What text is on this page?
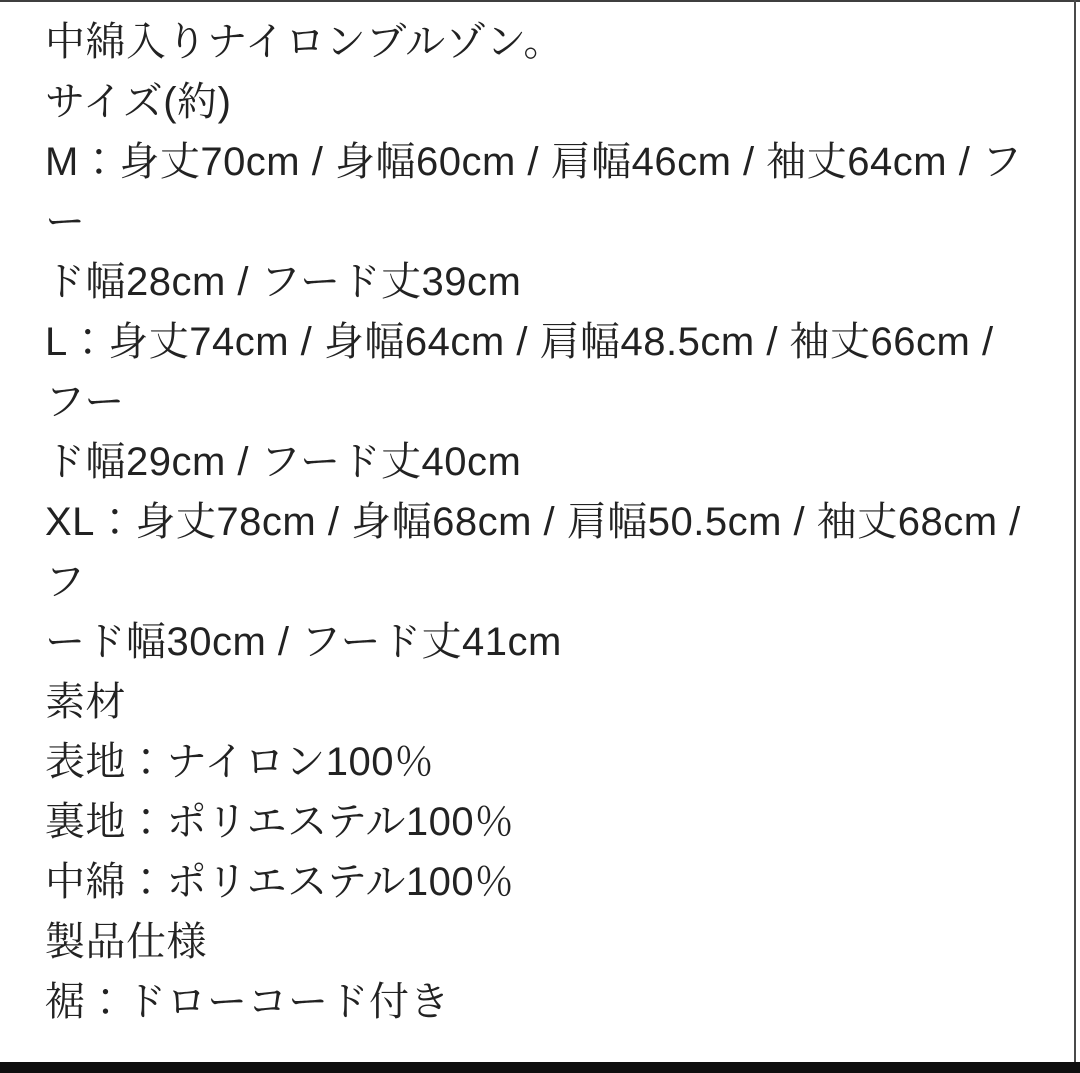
中綿入りナイロンブルゾン。

サイズ(約)

M：身丈70cm / 身幅60cm / 肩幅46cm / 袖丈64cm / フー
ド幅28cm / フード丈39cm

L：身丈74cm / 身幅64cm / 肩幅48.5cm / 袖丈66cm / フー
ド幅29cm / フード丈40cm

XL：身丈78cm / 身幅68cm / 肩幅50.5cm / 袖丈68cm / フ
ード幅30cm / フード丈41cm

素材

表地：ナイロン100％
裏地：ポリエステル100％
中綿：ポリエステル100％

製品仕様

裾：ドローコード付き
